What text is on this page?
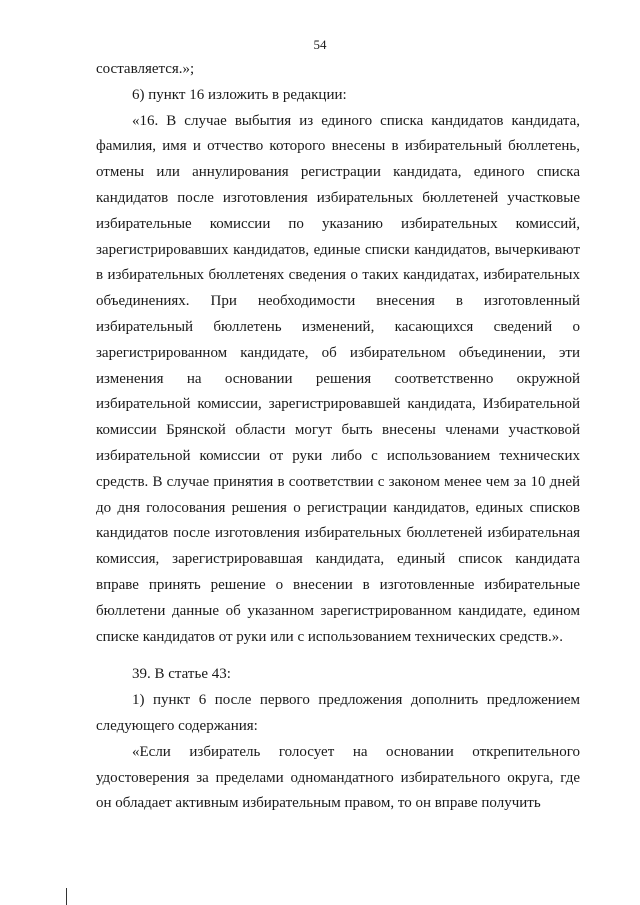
54

составляется.»;

6) пункт 16 изложить в редакции:

«16. В случае выбытия из единого списка кандидатов кандидата, фамилия, имя и отчество которого внесены в избирательный бюллетень, отмены или аннулирования регистрации кандидата, единого списка кандидатов после изготовления избирательных бюллетеней участковые избирательные комиссии по указанию избирательных комиссий, зарегистрировавших кандидатов, единые списки кандидатов, вычеркивают в избирательных бюллетенях сведения о таких кандидатах, избирательных объединениях. При необходимости внесения в изготовленный избирательный бюллетень изменений, касающихся сведений о зарегистрированном кандидате, об избирательном объединении, эти изменения на основании решения соответственно окружной избирательной комиссии, зарегистрировавшей кандидата, Избирательной комиссии Брянской области могут быть внесены членами участковой избирательной комиссии от руки либо с использованием технических средств. В случае принятия в соответствии с законом менее чем за 10 дней до дня голосования решения о регистрации кандидатов, единых списков кандидатов после изготовления избирательных бюллетеней избирательная комиссия, зарегистрировавшая кандидата, единый список кандидата вправе принять решение о внесении в изготовленные избирательные бюллетени данные об указанном зарегистрированном кандидате, едином списке кандидатов от руки или с использованием технических средств.».

39. В статье 43:

1) пункт 6 после первого предложения дополнить предложением следующего содержания:

«Если избиратель голосует на основании открепительного удостоверения за пределами одномандатного избирательного округа, где он обладает активным избирательным правом, то он вправе получить
